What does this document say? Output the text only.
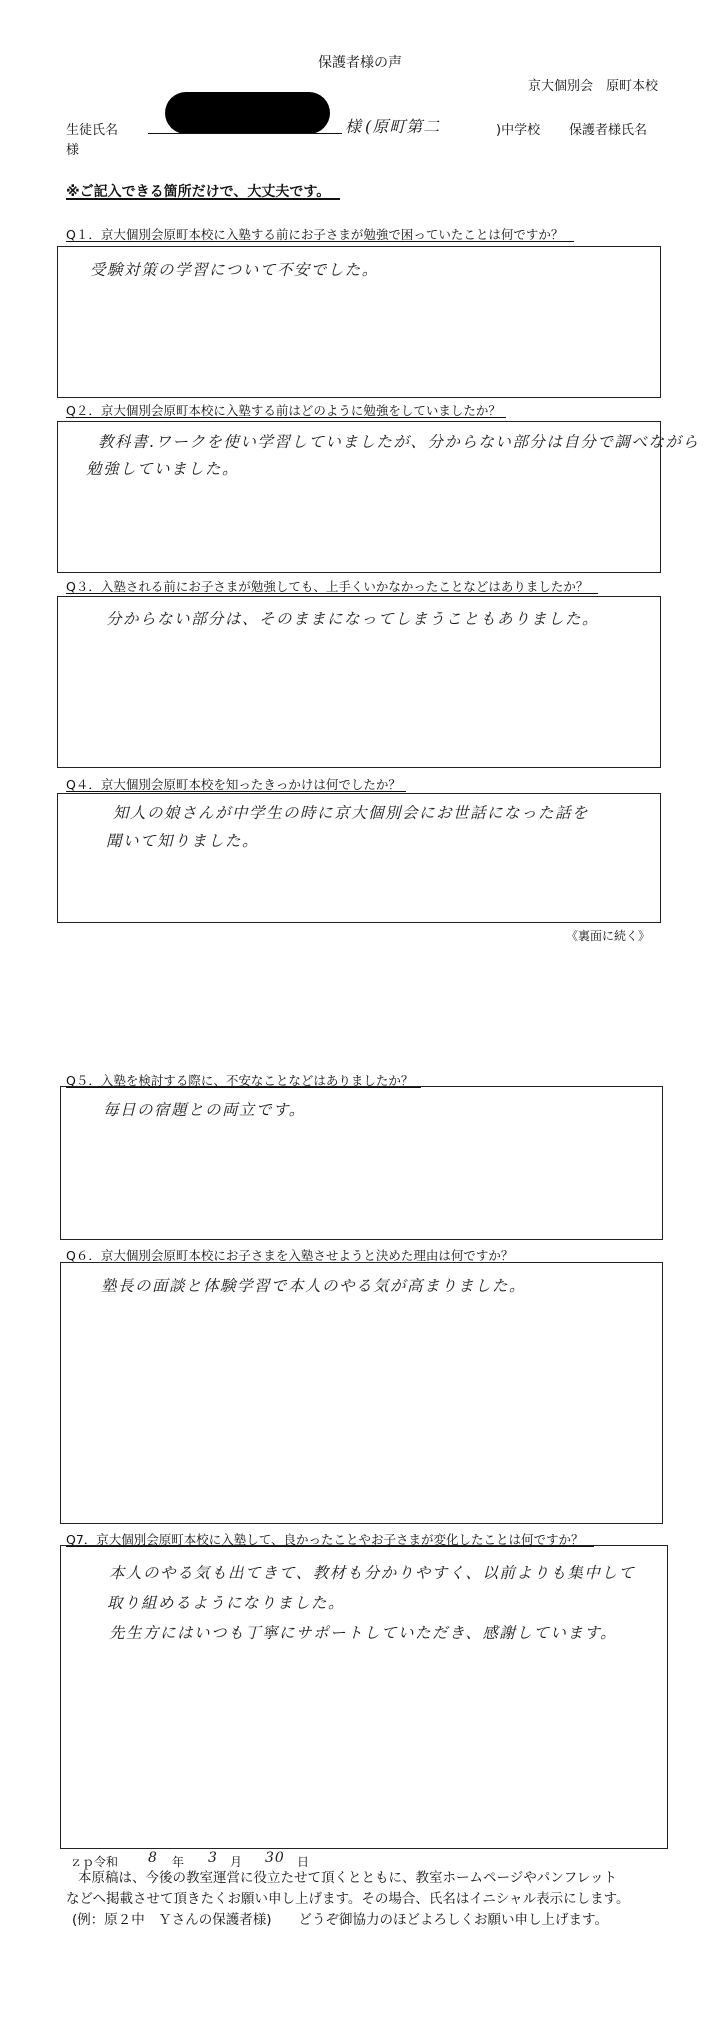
保護者様の声
京大個別会　原町本校
生徒氏名	様 (原町第二	)中学校 保護者様氏名
様
※ご記入できる箇所だけで、大丈夫です。
Q１．京大個別会原町本校に入塾する前にお子さまが勉強で困っていたことは何ですか？
受験対策の学習について不安でした。
Q２．京大個別会原町本校に入塾する前はどのように勉強をしていましたか？
教科書.ワークを使い学習していましたが、分からない部分は自分で調べながら
勉強していました。
Q３．入塾される前にお子さまが勉強しても、上手くいかなかったことなどはありましたか？
分からない部分は、そのままになってしまうこともありました。
Q４．京大個別会原町本校を知ったきっかけは何でしたか？
知人の娘さんが中学生の時に京大個別会にお世話になった話を
聞いて知りました。
《裏面に続く》
Q５．入塾を検討する際に、不安なことなどはありましたか？
毎日の宿題との両立です。
Q６．京大個別会原町本校にお子さまを入塾させようと決めた理由は何ですか？
塾長の面談と体験学習で本人のやる気が高まりました。
Q7．京大個別会原町本校に入塾して、良かったことやお子さまが変化したことは何ですか？
本人のやる気も出てきて、教材も分かりやすく、以前よりも集中して
取り組めるようになりました。
先生方にはいつも丁寧にサポートしていただき、感謝しています。
ｚｐ令和 8 年 3 月 30 日
本原稿は、今後の教室運営に役立たせて頂くとともに、教室ホームページやパンフレット
などへ掲載させて頂きたくお願い申し上げます。その場合、氏名はイニシャル表示にします。
(例：原２中　Ｙさんの保護者様)　　どうぞ御協力のほどよろしくお願い申し上げます。
